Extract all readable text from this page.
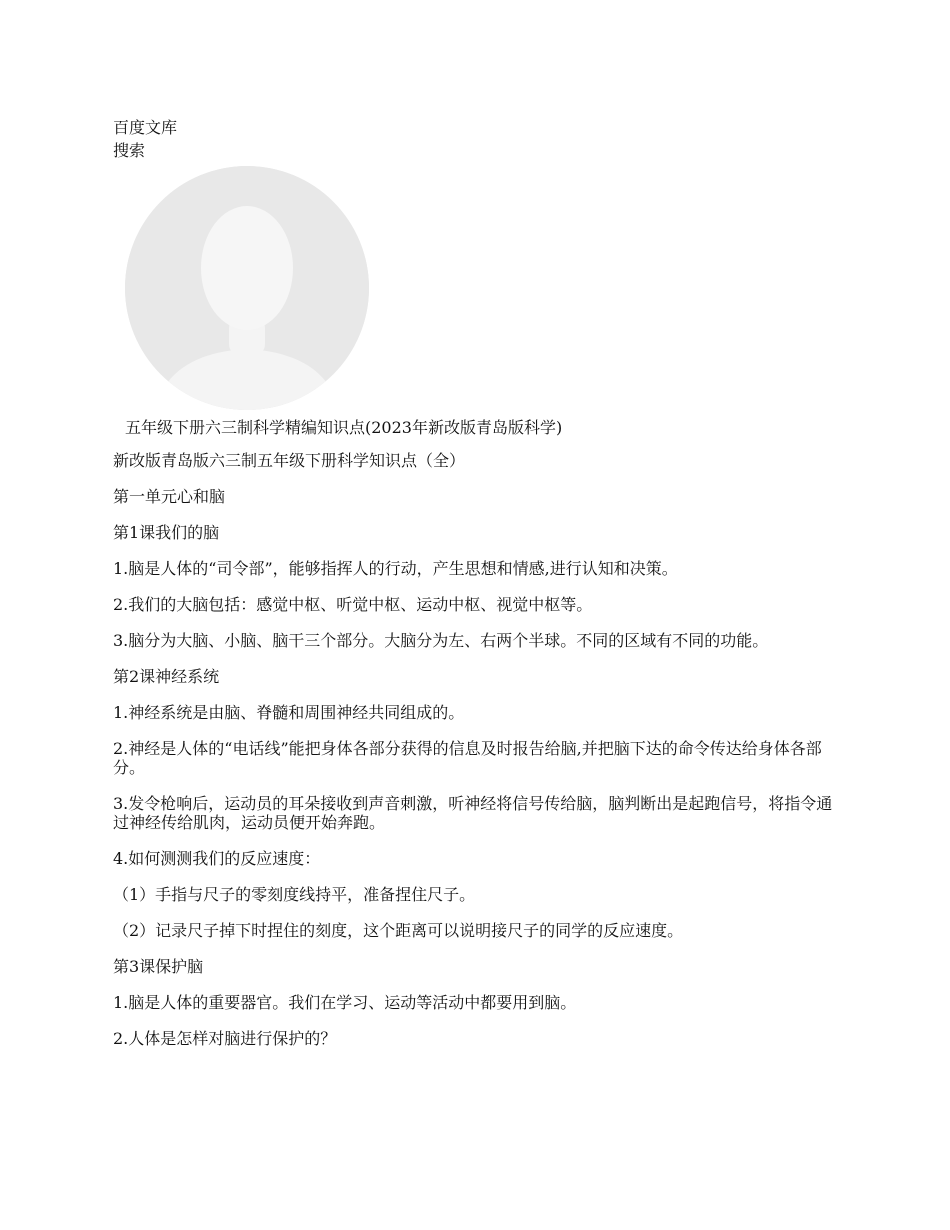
百度文库
搜索
五年级下册六三制科学精编知识点(2023年新改版青岛版科学)

新改版青岛版六三制五年级下册科学知识点（全）

第一单元心和脑

第1课我们的脑

1.脑是人体的“司令部”，能够指挥人的行动，产生思想和情感,进行认知和决策。

2.我们的大脑包括：感觉中枢、听觉中枢、运动中枢、视觉中枢等。

3.脑分为大脑、小脑、脑干三个部分。大脑分为左、右两个半球。不同的区域有不同的功能。

第2课神经系统

1.神经系统是由脑、脊髓和周围神经共同组成的。

2.神经是人体的“电话线”能把身体各部分获得的信息及时报告给脑,并把脑下达的命令传达给身体各部分。

3.发令枪响后，运动员的耳朵接收到声音刺激，听神经将信号传给脑，脑判断出是起跑信号，将指令通过神经传给肌肉，运动员便开始奔跑。

4.如何测测我们的反应速度：

（1）手指与尺子的零刻度线持平，准备捏住尺子。

（2）记录尺子掉下时捏住的刻度，这个距离可以说明接尺子的同学的反应速度。

第3课保护脑

1.脑是人体的重要器官。我们在学习、运动等活动中都要用到脑。

2.人体是怎样对脑进行保护的？
